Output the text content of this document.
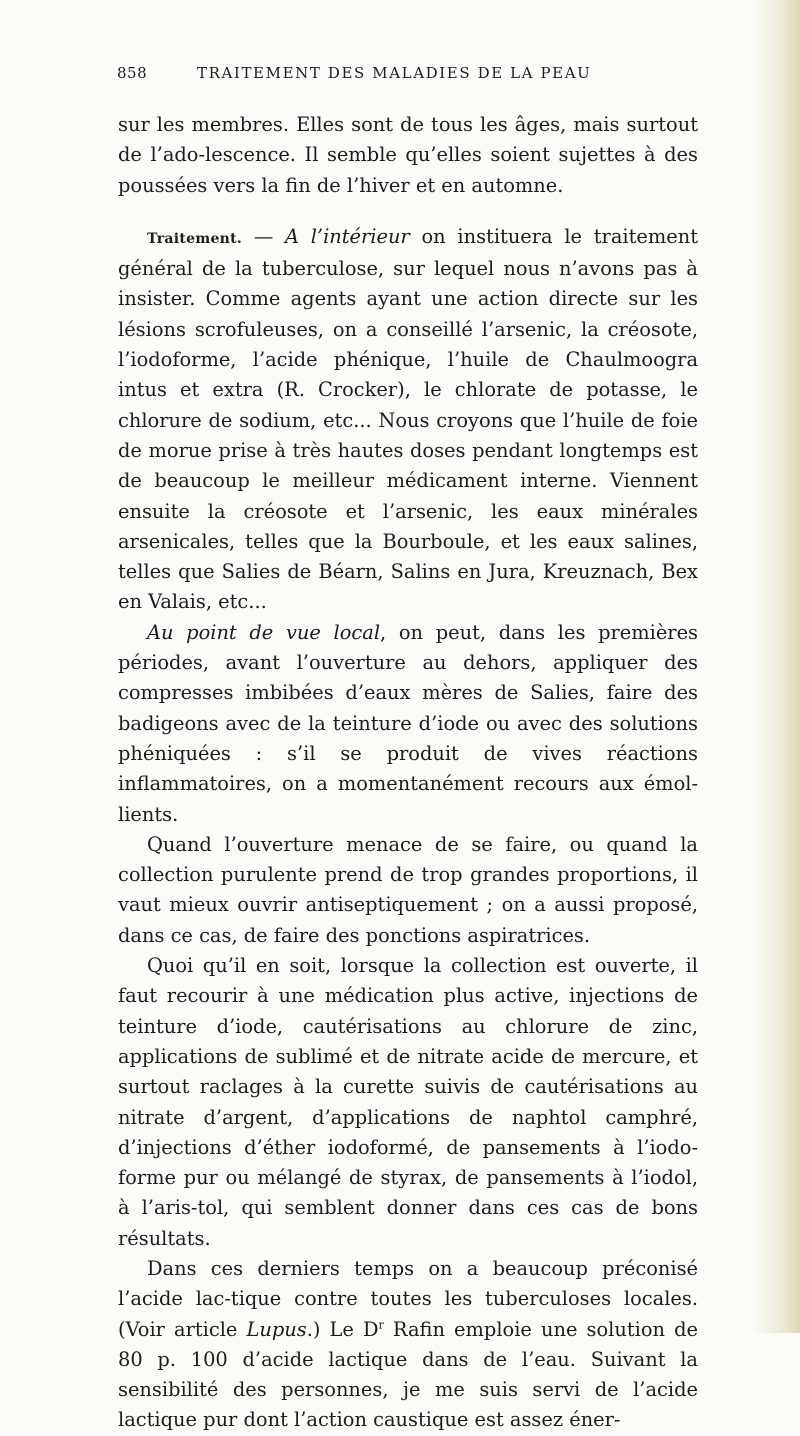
858	TRAITEMENT DES MALADIES DE LA PEAU

sur les membres. Elles sont de tous les âges, mais surtout de l’ado-lescence. Il semble qu’elles soient sujettes à des poussées vers la fin de l’hiver et en automne.

Traitement. — A l’intérieur on instituera le traitement général de la tuberculose, sur lequel nous n’avons pas à insister. Comme agents ayant une action directe sur les lésions scrofuleuses, on a conseillé l’arsenic, la créosote, l’iodoforme, l’acide phénique, l’huile de Chaulmoogra intus et extra (R. Crocker), le chlorate de potasse, le chlorure de sodium, etc... Nous croyons que l’huile de foie de morue prise à très hautes doses pendant longtemps est de beaucoup le meilleur médicament interne. Viennent ensuite la créosote et l’arsenic, les eaux minérales arsenicales, telles que la Bourboule, et les eaux salines, telles que Salies de Béarn, Salins en Jura, Kreuznach, Bex en Valais, etc...

Au point de vue local, on peut, dans les premières périodes, avant l’ouverture au dehors, appliquer des compresses imbibées d’eaux mères de Salies, faire des badigeons avec de la teinture d’iode ou avec des solutions phéniquées : s’il se produit de vives réactions inflammatoires, on a momentanément recours aux émol-lients.

Quand l’ouverture menace de se faire, ou quand la collection purulente prend de trop grandes proportions, il vaut mieux ouvrir antiseptiquement ; on a aussi proposé, dans ce cas, de faire des ponctions aspiratrices.

Quoi qu’il en soit, lorsque la collection est ouverte, il faut recourir à une médication plus active, injections de teinture d’iode, cautérisations au chlorure de zinc, applications de sublimé et de nitrate acide de mercure, et surtout raclages à la curette suivis de cautérisations au nitrate d’argent, d’applications de naphtol camphré, d’injections d’éther iodoformé, de pansements à l’iodo-forme pur ou mélangé de styrax, de pansements à l’iodol, à l’aris-tol, qui semblent donner dans ces cas de bons résultats.

Dans ces derniers temps on a beaucoup préconisé l’acide lac-tique contre toutes les tuberculoses locales. (Voir article Lupus.) Le $D^r$ Rafin emploie une solution de 80 p. 100 d’acide lactique dans de l’eau. Suivant la sensibilité des personnes, je me suis servi de l’acide lactique pur dont l’action caustique est assez éner-
